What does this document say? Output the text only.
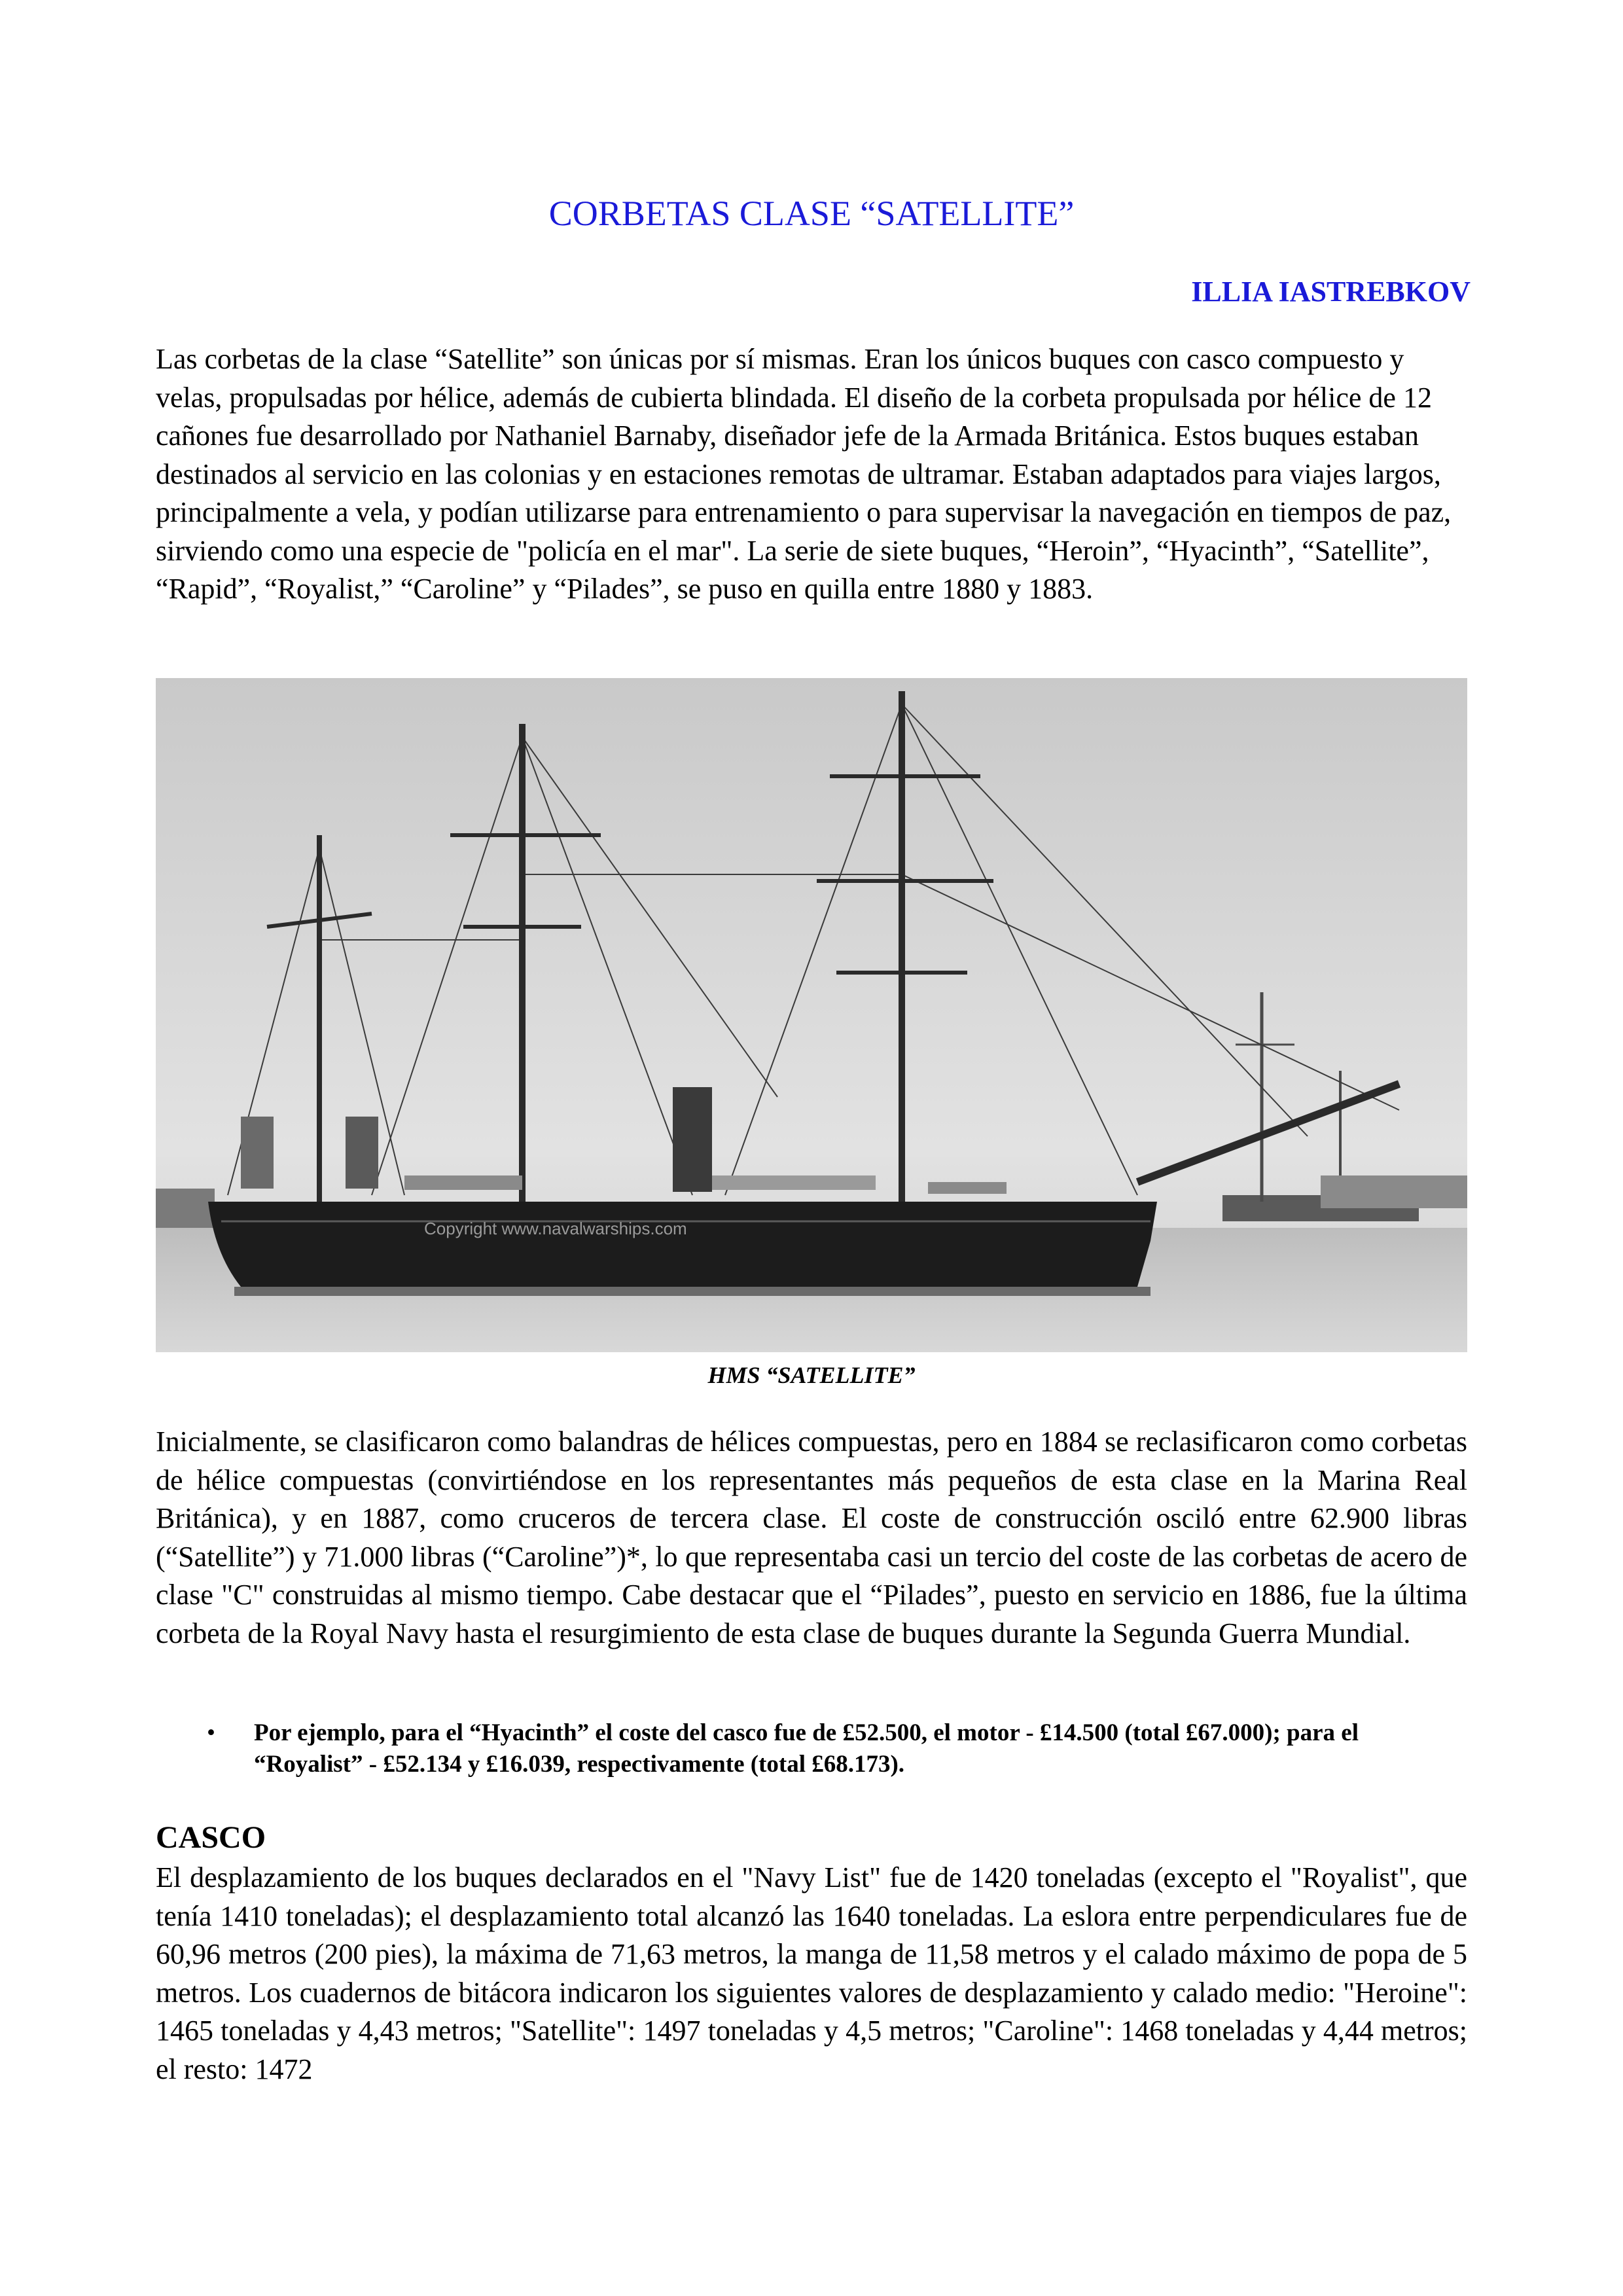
CORBETAS CLASE “SATELLITE”
ILLIA IASTREBKOV

Las corbetas de la clase “Satellite” son únicas por sí mismas. Eran los únicos buques con casco compuesto y velas, propulsadas por hélice, además de cubierta blindada. El diseño de la corbeta propulsada por hélice de 12 cañones fue desarrollado por Nathaniel Barnaby, diseñador jefe de la Armada Británica. Estos buques estaban destinados al servicio en las colonias y en estaciones remotas de ultramar. Estaban adaptados para viajes largos, principalmente a vela, y podían utilizarse para entrenamiento o para supervisar la navegación en tiempos de paz, sirviendo como una especie de "policía en el mar". La serie de siete buques, “Heroin”, “Hyacinth”, “Satellite”, “Rapid”, “Royalist,” “Caroline” y “Pilades”, se puso en quilla entre 1880 y 1883.

Copyright www.navalwarships.com
HMS “SATELLITE”

Inicialmente, se clasificaron como balandras de hélices compuestas, pero en 1884 se reclasificaron como corbetas de hélice compuestas (convirtiéndose en los representantes más pequeños de esta clase en la Marina Real Británica), y en 1887, como cruceros de tercera clase. El coste de construcción osciló entre 62.900 libras (“Satellite”) y 71.000 libras (“Caroline”)*, lo que representaba casi un tercio del coste de las corbetas de acero de clase "C" construidas al mismo tiempo. Cabe destacar que el “Pilades”, puesto en servicio en 1886, fue la última corbeta de la Royal Navy hasta el resurgimiento de esta clase de buques durante la Segunda Guerra Mundial.

• Por ejemplo, para el “Hyacinth” el coste del casco fue de £52.500, el motor - £14.500 (total £67.000); para el “Royalist” - £52.134 y £16.039, respectivamente (total £68.173).
CASCO

El desplazamiento de los buques declarados en el "Navy List" fue de 1420 toneladas (excepto el "Royalist", que tenía 1410 toneladas); el desplazamiento total alcanzó las 1640 toneladas. La eslora entre perpendiculares fue de 60,96 metros (200 pies), la máxima de 71,63 metros, la manga de 11,58 metros y el calado máximo de popa de 5 metros. Los cuadernos de bitácora indicaron los siguientes valores de desplazamiento y calado medio: "Heroine": 1465 toneladas y 4,43 metros; "Satellite": 1497 toneladas y 4,5 metros; "Caroline": 1468 toneladas y 4,44 metros; el resto: 1472
